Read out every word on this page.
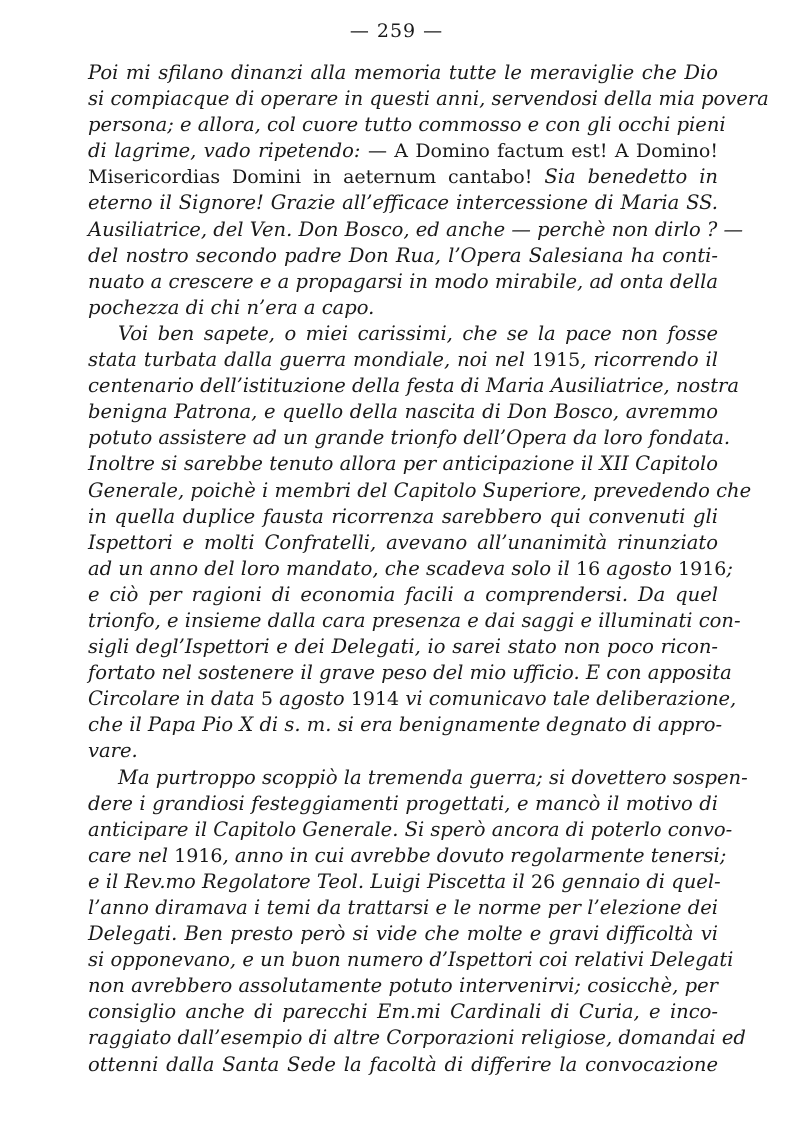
— 259 —
Poi mi sfilano dinanzi alla memoria tutte le meraviglie che Dio
si compiacque di operare in questi anni, servendosi della mia povera
persona; e allora, col cuore tutto commosso e con gli occhi pieni
di lagrime, vado ripetendo: — A Domino factum est! A Domino!
Misericordias Domini in aeternum cantabo! Sia benedetto in
eterno il Signore! Grazie all’efficace intercessione di Maria SS.
Ausiliatrice, del Ven. Don Bosco, ed anche — perchè non dirlo ? —
del nostro secondo padre Don Rua, l’Opera Salesiana ha conti-
nuato a crescere e a propagarsi in modo mirabile, ad onta della
pochezza di chi n’era a capo.
Voi ben sapete, o miei carissimi, che se la pace non fosse
stata turbata dalla guerra mondiale, noi nel 1915, ricorrendo il
centenario dell’istituzione della festa di Maria Ausiliatrice, nostra
benigna Patrona, e quello della nascita di Don Bosco, avremmo
potuto assistere ad un grande trionfo dell’Opera da loro fondata.
Inoltre si sarebbe tenuto allora per anticipazione il XII Capitolo
Generale, poichè i membri del Capitolo Superiore, prevedendo che
in quella duplice fausta ricorrenza sarebbero qui convenuti gli
Ispettori e molti Confratelli, avevano all’unanimità rinunziato
ad un anno del loro mandato, che scadeva solo il 16 agosto 1916;
e ciò per ragioni di economia facili a comprendersi. Da quel
trionfo, e insieme dalla cara presenza e dai saggi e illuminati con-
sigli degl’Ispettori e dei Delegati, io sarei stato non poco ricon-
fortato nel sostenere il grave peso del mio ufficio. E con apposita
Circolare in data 5 agosto 1914 vi comunicavo tale deliberazione,
che il Papa Pio X di s. m. si era benignamente degnato di appro-
vare.
Ma purtroppo scoppiò la tremenda guerra; si dovettero sospen-
dere i grandiosi festeggiamenti progettati, e mancò il motivo di
anticipare il Capitolo Generale. Si sperò ancora di poterlo convo-
care nel 1916, anno in cui avrebbe dovuto regolarmente tenersi;
e il Rev.mo Regolatore Teol. Luigi Piscetta il 26 gennaio di quel-
l’anno diramava i temi da trattarsi e le norme per l’elezione dei
Delegati. Ben presto però si vide che molte e gravi difficoltà vi
si opponevano, e un buon numero d’Ispettori coi relativi Delegati
non avrebbero assolutamente potuto intervenirvi; cosicchè, per
consiglio anche di parecchi Em.mi Cardinali di Curia, e inco-
raggiato dall’esempio di altre Corporazioni religiose, domandai ed
ottenni dalla Santa Sede la facoltà di differire la convocazione
